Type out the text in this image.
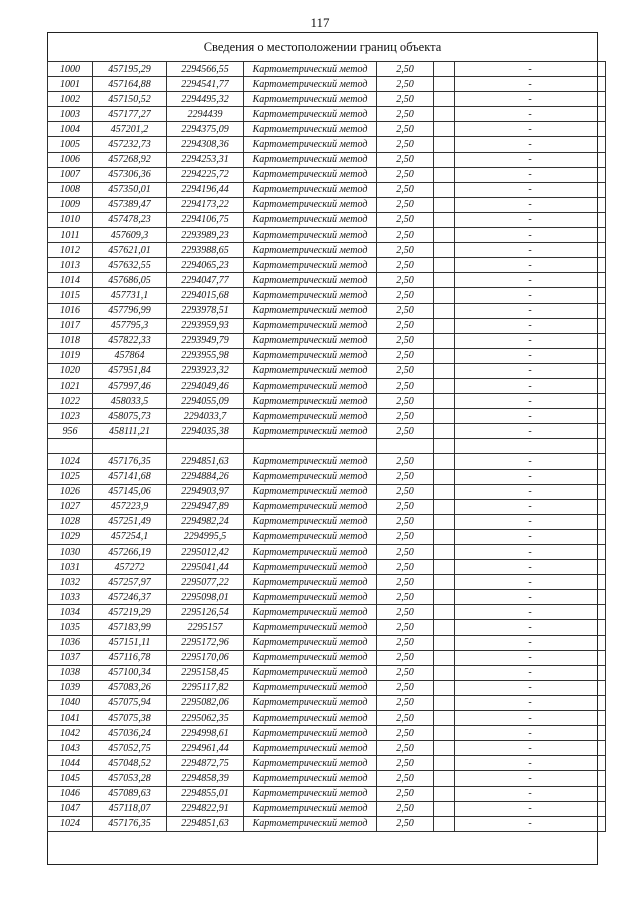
117
Сведения о местоположении границ объекта
1000	457195,29	2294566,55	Картометрический метод	2,50		-
1001	457164,88	2294541,77	Картометрический метод	2,50		-
1002	457150,52	2294495,32	Картометрический метод	2,50		-
1003	457177,27	2294439	Картометрический метод	2,50		-
1004	457201,2	2294375,09	Картометрический метод	2,50		-
1005	457232,73	2294308,36	Картометрический метод	2,50		-
1006	457268,92	2294253,31	Картометрический метод	2,50		-
1007	457306,36	2294225,72	Картометрический метод	2,50		-
1008	457350,01	2294196,44	Картометрический метод	2,50		-
1009	457389,47	2294173,22	Картометрический метод	2,50		-
1010	457478,23	2294106,75	Картометрический метод	2,50		-
1011	457609,3	2293989,23	Картометрический метод	2,50		-
1012	457621,01	2293988,65	Картометрический метод	2,50		-
1013	457632,55	2294065,23	Картометрический метод	2,50		-
1014	457686,05	2294047,77	Картометрический метод	2,50		-
1015	457731,1	2294015,68	Картометрический метод	2,50		-
1016	457796,99	2293978,51	Картометрический метод	2,50		-
1017	457795,3	2293959,93	Картометрический метод	2,50		-
1018	457822,33	2293949,79	Картометрический метод	2,50		-
1019	457864	2293955,98	Картометрический метод	2,50		-
1020	457951,84	2293923,32	Картометрический метод	2,50		-
1021	457997,46	2294049,46	Картометрический метод	2,50		-
1022	458033,5	2294055,09	Картометрический метод	2,50		-
1023	458075,73	2294033,7	Картометрический метод	2,50		-
956	458111,21	2294035,38	Картометрический метод	2,50		-

1024	457176,35	2294851,63	Картометрический метод	2,50		-
1025	457141,68	2294884,26	Картометрический метод	2,50		-
1026	457145,06	2294903,97	Картометрический метод	2,50		-
1027	457223,9	2294947,89	Картометрический метод	2,50		-
1028	457251,49	2294982,24	Картометрический метод	2,50		-
1029	457254,1	2294995,5	Картометрический метод	2,50		-
1030	457266,19	2295012,42	Картометрический метод	2,50		-
1031	457272	2295041,44	Картометрический метод	2,50		-
1032	457257,97	2295077,22	Картометрический метод	2,50		-
1033	457246,37	2295098,01	Картометрический метод	2,50		-
1034	457219,29	2295126,54	Картометрический метод	2,50		-
1035	457183,99	2295157	Картометрический метод	2,50		-
1036	457151,11	2295172,96	Картометрический метод	2,50		-
1037	457116,78	2295170,06	Картометрический метод	2,50		-
1038	457100,34	2295158,45	Картометрический метод	2,50		-
1039	457083,26	2295117,82	Картометрический метод	2,50		-
1040	457075,94	2295082,06	Картометрический метод	2,50		-
1041	457075,38	2295062,35	Картометрический метод	2,50		-
1042	457036,24	2294998,61	Картометрический метод	2,50		-
1043	457052,75	2294961,44	Картометрический метод	2,50		-
1044	457048,52	2294872,75	Картометрический метод	2,50		-
1045	457053,28	2294858,39	Картометрический метод	2,50		-
1046	457089,63	2294855,01	Картометрический метод	2,50		-
1047	457118,07	2294822,91	Картометрический метод	2,50		-
1024	457176,35	2294851,63	Картометрический метод	2,50		-
